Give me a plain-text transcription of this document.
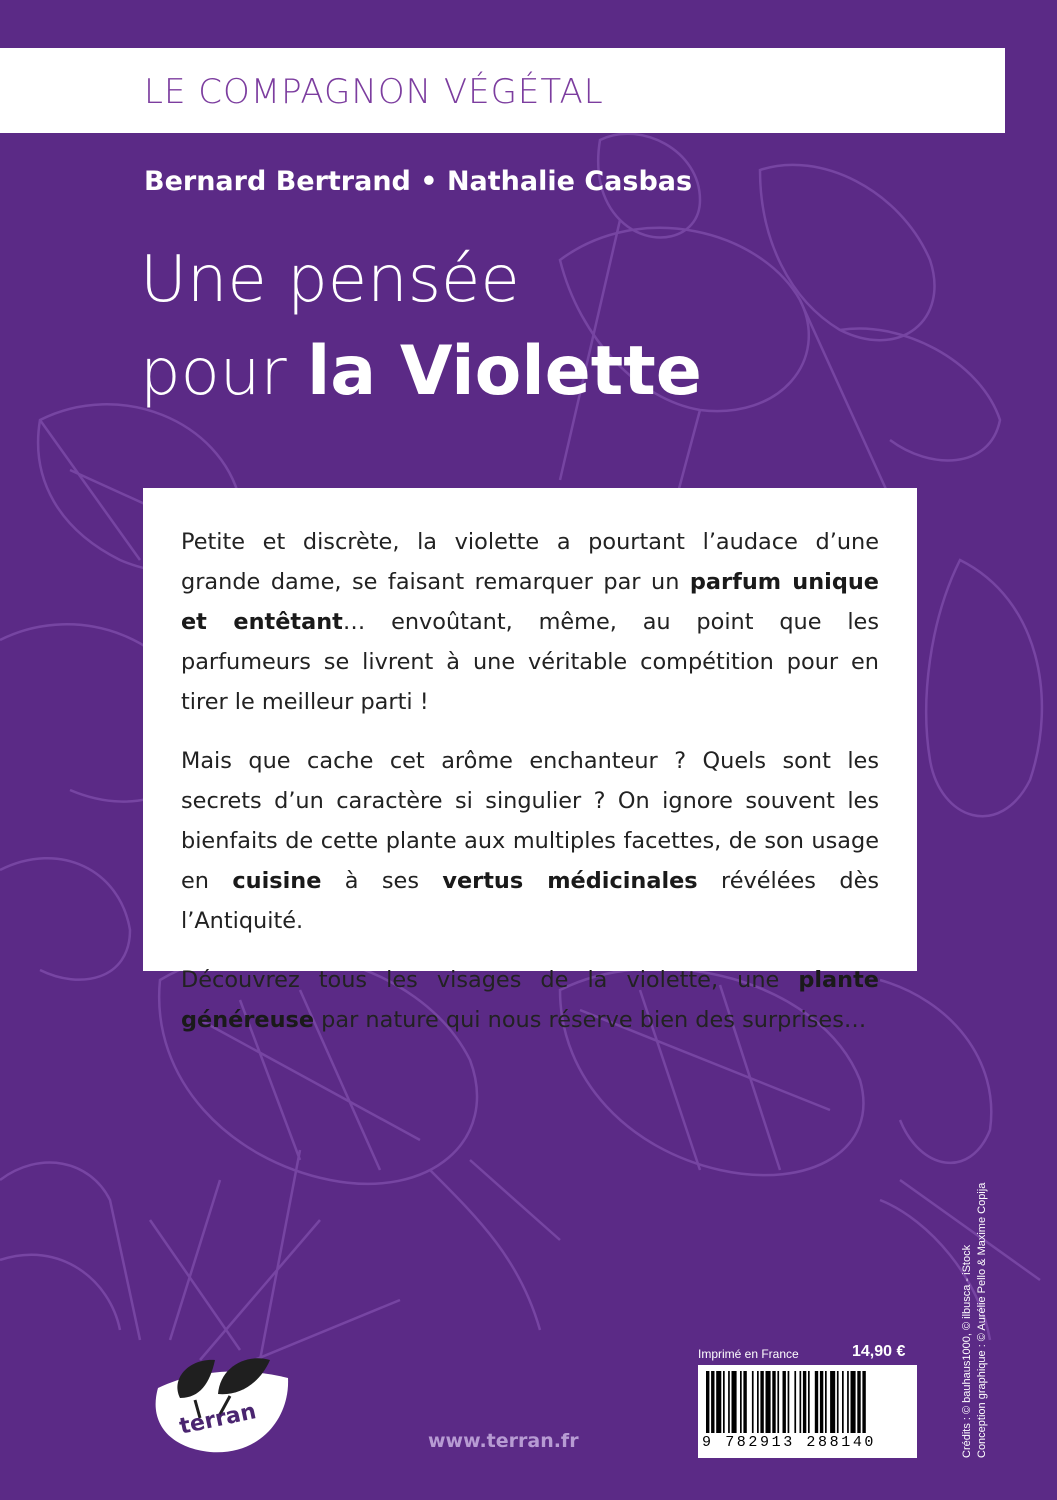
LE COMPAGNON VÉGÉTAL
Bernard Bertrand • Nathalie Casbas
Une pensée
pour la Violette

Petite et discrète, la violette a pourtant l’audace d’une grande dame, se faisant remarquer par un parfum unique et entêtant… envoûtant, même, au point que les parfumeurs se livrent à une véritable compétition pour en tirer le meilleur parti !

Mais que cache cet arôme enchanteur ? Quels sont les secrets d’un caractère si singulier ? On ignore souvent les bienfaits de cette plante aux multiples facettes, de son usage en cuisine à ses vertus médicinales révélées dès l’Antiquité.

Découvrez tous les visages de la violette, une plante généreuse par nature qui nous réserve bien des surprises…

terran
www.terran.fr
Imprimé en France	14,90 €
9 782913 288140	Crédits : © bauhaus1000, © ilbusca - iStock Conception graphique : © Aurélie Pello & Maxime Copija
